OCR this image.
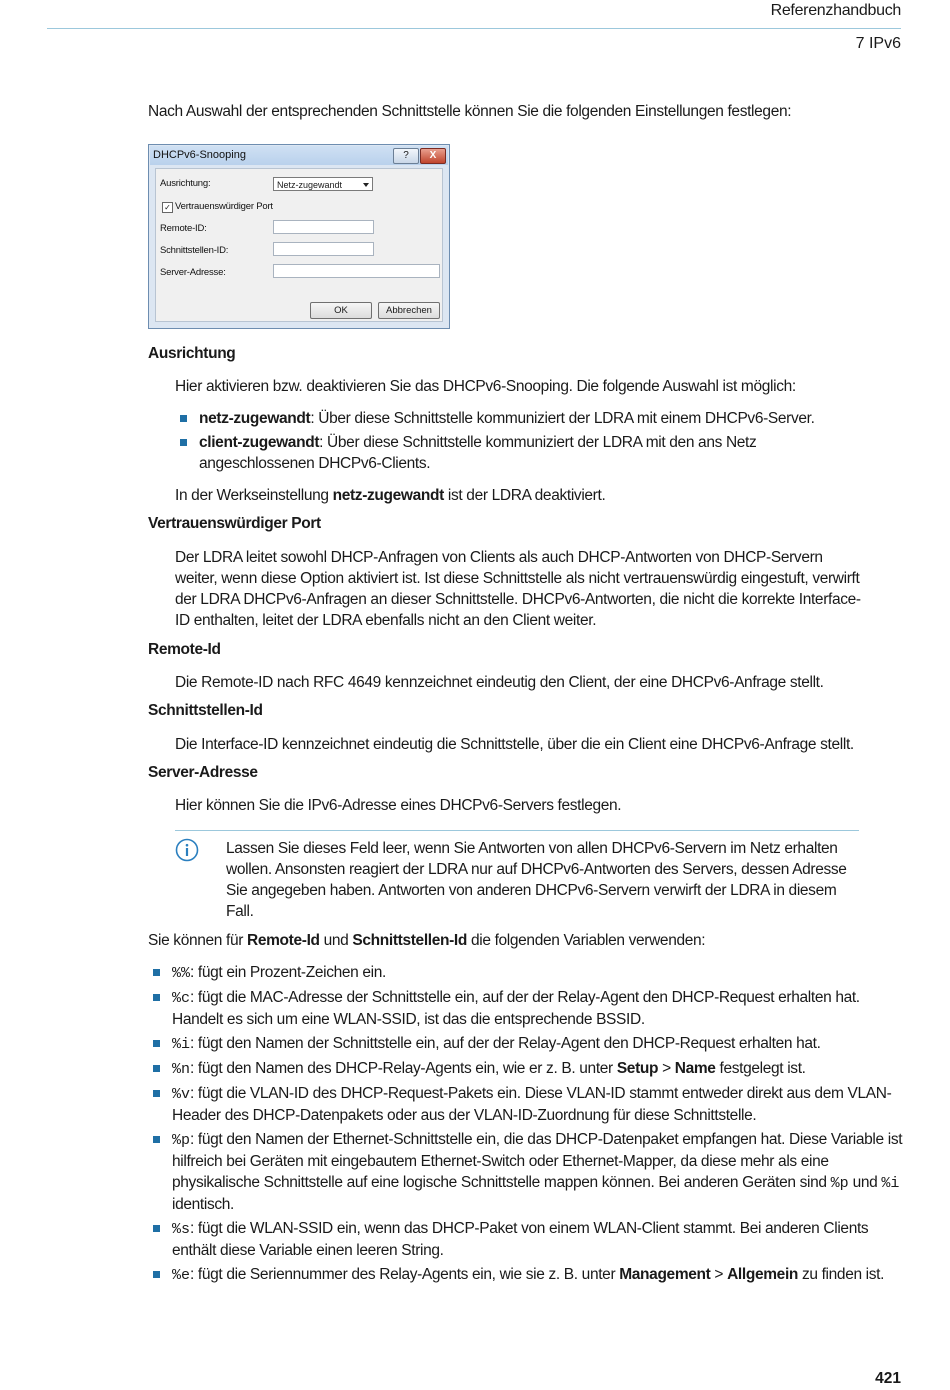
Referenzhandbuch
7 IPv6
Nach Auswahl der entsprechenden Schnittstelle können Sie die folgenden Einstellungen festlegen:
DHCPv6-Snooping	?	X
Ausrichtung:	Netz-zugewandt
✓ Vertrauenswürdiger Port
Remote-ID:
Schnittstellen-ID:
Server-Adresse:
OK	Abbrechen
Ausrichtung
Hier aktivieren bzw. deaktivieren Sie das DHCPv6-Snooping. Die folgende Auswahl ist möglich:
netz-zugewandt: Über diese Schnittstelle kommuniziert der LDRA mit einem DHCPv6-Server.
client-zugewandt: Über diese Schnittstelle kommuniziert der LDRA mit den ans Netz angeschlossenen DHCPv6-Clients.
In der Werkseinstellung netz-zugewandt ist der LDRA deaktiviert.
Vertrauenswürdiger Port
Der LDRA leitet sowohl DHCP-Anfragen von Clients als auch DHCP-Antworten von DHCP-Servern weiter, wenn diese Option aktiviert ist. Ist diese Schnittstelle als nicht vertrauenswürdig eingestuft, verwirft der LDRA DHCPv6-Anfragen an dieser Schnittstelle. DHCPv6-Antworten, die nicht die korrekte Interface-ID enthalten, leitet der LDRA ebenfalls nicht an den Client weiter.
Remote-Id
Die Remote-ID nach RFC 4649 kennzeichnet eindeutig den Client, der eine DHCPv6-Anfrage stellt.
Schnittstellen-Id
Die Interface-ID kennzeichnet eindeutig die Schnittstelle, über die ein Client eine DHCPv6-Anfrage stellt.
Server-Adresse
Hier können Sie die IPv6-Adresse eines DHCPv6-Servers festlegen.
Lassen Sie dieses Feld leer, wenn Sie Antworten von allen DHCPv6-Servern im Netz erhalten wollen. Ansonsten reagiert der LDRA nur auf DHCPv6-Antworten des Servers, dessen Adresse Sie angegeben haben. Antworten von anderen DHCPv6-Servern verwirft der LDRA in diesem Fall.
Sie können für Remote-Id und Schnittstellen-Id die folgenden Variablen verwenden:
%%: fügt ein Prozent-Zeichen ein.
%c: fügt die MAC-Adresse der Schnittstelle ein, auf der der Relay-Agent den DHCP-Request erhalten hat. Handelt es sich um eine WLAN-SSID, ist das die entsprechende BSSID.
%i: fügt den Namen der Schnittstelle ein, auf der der Relay-Agent den DHCP-Request erhalten hat.
%n: fügt den Namen des DHCP-Relay-Agents ein, wie er z. B. unter Setup > Name festgelegt ist.
%v: fügt die VLAN-ID des DHCP-Request-Pakets ein. Diese VLAN-ID stammt entweder direkt aus dem VLAN-Header des DHCP-Datenpakets oder aus der VLAN-ID-Zuordnung für diese Schnittstelle.
%p: fügt den Namen der Ethernet-Schnittstelle ein, die das DHCP-Datenpaket empfangen hat. Diese Variable ist hilfreich bei Geräten mit eingebautem Ethernet-Switch oder Ethernet-Mapper, da diese mehr als eine physikalische Schnittstelle auf eine logische Schnittstelle mappen können. Bei anderen Geräten sind %p und %i identisch.
%s: fügt die WLAN-SSID ein, wenn das DHCP-Paket von einem WLAN-Client stammt. Bei anderen Clients enthält diese Variable einen leeren String.
%e: fügt die Seriennummer des Relay-Agents ein, wie sie z. B. unter Management > Allgemein zu finden ist.
421
